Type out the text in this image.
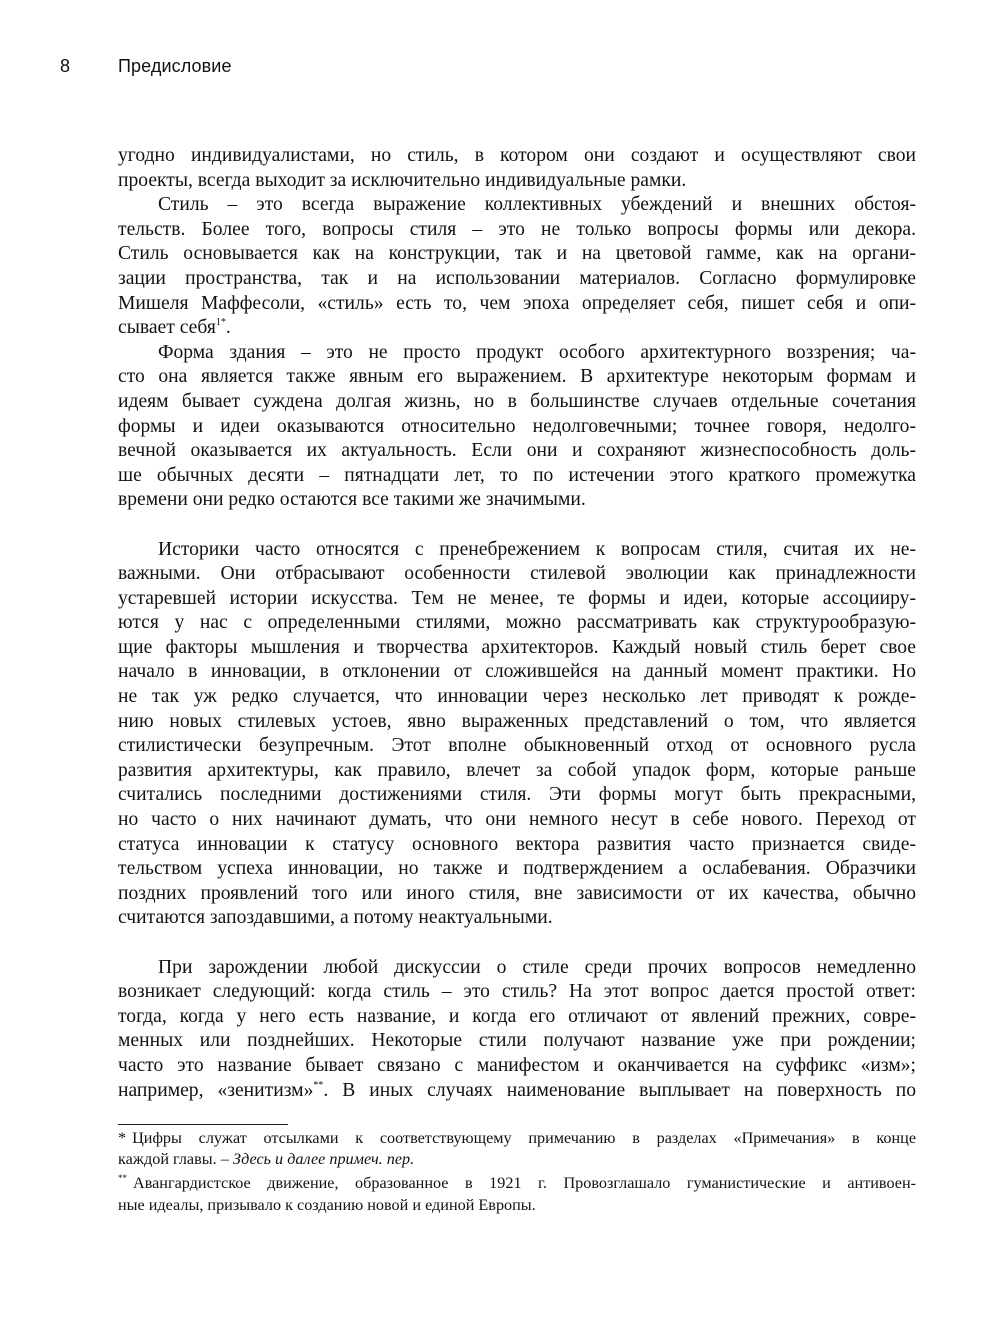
8	Предисловие
угодно индивидуалистами, но стиль, в котором они создают и осуществляют свои
проекты, всегда выходит за исключительно индивидуальные рамки.
Стиль – это всегда выражение коллективных убеждений и внешних обстоя-
тельств. Более того, вопросы стиля – это не только вопросы формы или декора.
Стиль основывается как на конструкции, так и на цветовой гамме, как на органи-
зации пространства, так и на использовании материалов. Согласно формулировке
Мишеля Маффесоли, «стиль» есть то, чем эпоха определяет себя, пишет себя и опи-
сывает себя$^{1*}$.
Форма здания – это не просто продукт особого архитектурного воззрения; ча-
сто она является также явным его выражением. В архитектуре некоторым формам и
идеям бывает суждена долгая жизнь, но в большинстве случаев отдельные сочетания
формы и идеи оказываются относительно недолговечными; точнее говоря, недолго-
вечной оказывается их актуальность. Если они и сохраняют жизнеспособность доль-
ше обычных десяти – пятнадцати лет, то по истечении этого краткого промежутка
времени они редко остаются все такими же значимыми.
Историки часто относятся с пренебрежением к вопросам стиля, считая их не-
важными. Они отбрасывают особенности стилевой эволюции как принадлежности
устаревшей истории искусства. Тем не менее, те формы и идеи, которые ассоцииру-
ются у нас с определенными стилями, можно рассматривать как структурообразую-
щие факторы мышления и творчества архитекторов. Каждый новый стиль берет свое
начало в инновации, в отклонении от сложившейся на данный момент практики. Но
не так уж редко случается, что инновации через несколько лет приводят к рожде-
нию новых стилевых устоев, явно выраженных представлений о том, что является
стилистически безупречным. Этот вполне обыкновенный отход от основного русла
развития архитектуры, как правило, влечет за собой упадок форм, которые раньше
считались последними достижениями стиля. Эти формы могут быть прекрасными,
но часто о них начинают думать, что они немного несут в себе нового. Переход от
статуса инновации к статусу основного вектора развития часто признается свиде-
тельством успеха инновации, но также и подтверждением а ослабевания. Образчики
поздних проявлений того или иного стиля, вне зависимости от их качества, обычно
считаются запоздавшими, а потому неактуальными.
При зарождении любой дискуссии о стиле среди прочих вопросов немедленно
возникает следующий: когда стиль – это стиль? На этот вопрос дается простой ответ:
тогда, когда у него есть название, и когда его отличают от явлений прежних, совре-
менных или позднейших. Некоторые стили получают название уже при рождении;
часто это название бывает связано с манифестом и оканчивается на суффикс «изм»;
например, «зенитизм»**. В иных случаях наименование выплывает на поверхность по
* Цифры служат отсылками к соответствующему примечанию в разделах «Примечания» в конце
каждой главы. – Здесь и далее примеч. пер.
** Авангардистское движение, образованное в 1921 г. Провозглашало гуманистические и антивоен-
ные идеалы, призывало к созданию новой и единой Европы.
